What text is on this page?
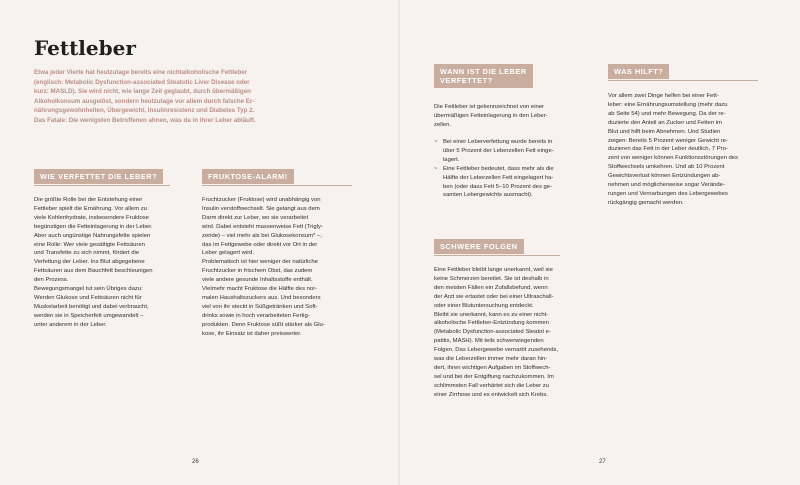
Fettleber
Etwa jeder Vierte hat heutzutage bereits eine nichtalkoholische Fettleber
(englisch: Metabolic Dysfunction-associated Steatotic Liver Disease oder
kurz: MASLD). Sie wird nicht, wie lange Zeit geglaubt, durch übermäßigen
Alkoholkonsum ausgelöst, sondern heutzutage vor allem durch falsche Er-
nährungsgewohnheiten, Übergewicht, Insulinresistenz und Diabetes Typ 2.
Das Fatale: Die wenigsten Betroffenen ahnen, was da in ihrer Leber abläuft.
WIE VERFETTET DIE LEBER?
Die größte Rolle bei der Entstehung einer
Fettleber spielt die Ernährung. Vor allem zu
viele Kohlenhydrate, insbesondere Fruktose
begünstigen die Fetteinlagerung in der Leber.
Aber auch ungünstige Nahrungsfette spielen
eine Rolle: Wer viele gesättigte Fettsäuren
und Transfette zu sich nimmt, fördert die
Verfettung der Leber. Ins Blut abgegebene
Fettsäuren aus dem Bauchfett beschleunigen
den Prozess.
Bewegungsmangel tut sein Übriges dazu:
Werden Glukose und Fettsäuren nicht für
Muskelarbeit benötigt und dabei verbraucht,
werden sie in Speicherfett umgewandelt –
unter anderem in der Leber.
FRUKTOSE-ALARM!
Fruchtzucker (Fruktose) wird unabhängig von
Insulin verstoffwechselt. Sie gelangt aus dem
Darm direkt zur Leber, wo sie verarbeitet
wird. Dabei entsteht massenweise Fett (Trigly-
zeride) – viel mehr als bei Glukosekonsum* –,
das im Fettgewebe oder direkt vor Ort in der
Leber gelagert wird.
Problematisch ist hier weniger der natürliche
Fruchtzucker in frischem Obst, das zudem
viele andere gesunde Inhaltsstoffe enthält.
Vielmehr macht Fruktose die Hälfte des nor-
malen Haushaltszuckers aus. Und besonders
viel von ihr steckt in Süßgetränken und Soft-
drinks sowie in hoch verarbeiteten Fertig-
produkten. Denn Fruktose süßt stärker als Glu-
kose, ihr Einsatz ist daher preiswerter.
26
WANN IST DIE LEBER
VERFETTET?
Die Fettleber ist gekennzeichnet von einer
übermäßigen Fetteinlagerung in den Leber-
zellen.
~ Bei einer Leberverfettung wurde bereits in
über 5 Prozent der Leberzellen Fett einge-
lagert.
~ Eine Fettleber bedeutet, dass mehr als die
Hälfte der Leberzellen Fett eingelagert ha-
ben (oder dass Fett 5–10 Prozent des ge-
samten Lebergewichts ausmacht).
SCHWERE FOLGEN
Eine Fettleber bleibt lange unerkannt, weil sie
keine Schmerzen bereitet. Sie ist deshalb in
den meisten Fällen ein Zufallsbefund, wenn
der Arzt sie ertastet oder bei einer Ultraschall-
oder einer Blutuntersuchung entdeckt.
Bleibt sie unerkannt, kann es zu einer nicht-
alkoholische Fettleber-Entzündung kommen
(Metabolic Dysfunction-associated Steatot e-
patitis, MASH). Mit teils schwerwiegenden
Folgen. Das Lebergewebe vernarbt zusehends,
was die Leberzellen immer mehr daran hin-
dert, ihren wichtigen Aufgaben im Stoffwech-
sel und bei der Entgiftung nachzukommen. Im
schlimmsten Fall verhärtet sich die Leber zu
einer Zirrhose und es entwickelt sich Krebs.
WAS HILFT?
Vor allem zwei Dinge helfen bei einer Fett-
leber: eine Ernährungsumstellung (mehr dazu
ab Seite 54) und mehr Bewegung. Da der re-
duzierte den Anteil an Zucker und Fetten im
Blut und hilft beim Abnehmen. Und Studien
zeigen: Bereits 5 Prozent weniger Gewicht re-
duzieren das Fett in der Leber deutlich, 7 Pro-
zent von weniger können Funktionsstörungen des
Stoffwechsels umkehren. Und ab 10 Prozent
Gewichtsverlust können Entzündungen ab-
nehmen und möglicherweise sogar Verände-
rungen und Vernarbungen des Lebergewebes
rückgängig gemacht werden.
27
